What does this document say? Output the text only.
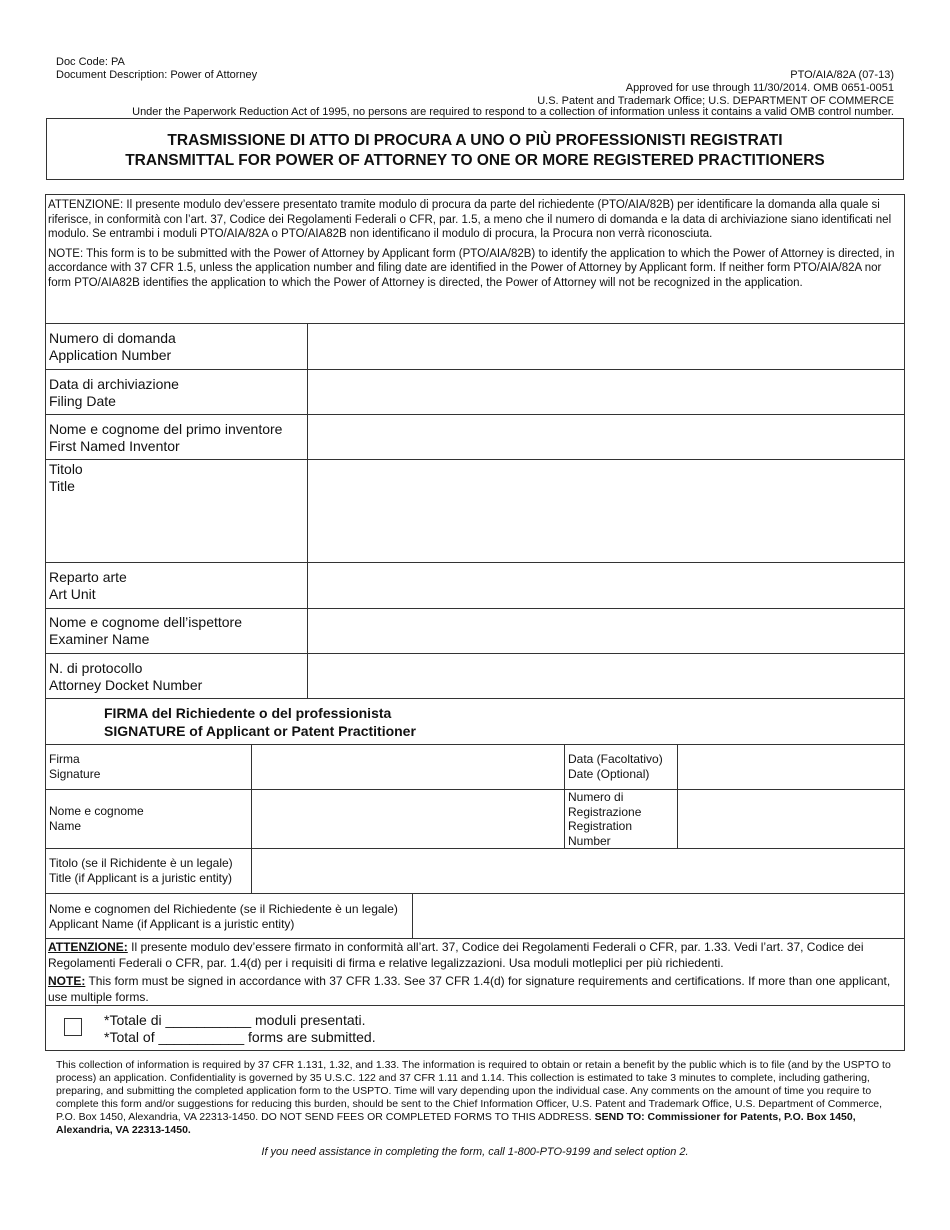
Doc Code: PA
Document Description: Power of Attorney	PTO/AIA/82A (07-13)
Approved for use through 11/30/2014. OMB 0651-0051
U.S. Patent and Trademark Office; U.S. DEPARTMENT OF COMMERCE
Under the Paperwork Reduction Act of 1995, no persons are required to respond to a collection of information unless it contains a valid OMB control number.
TRASMISSIONE DI ATTO DI PROCURA A UNO O PIÙ PROFESSIONISTI REGISTRATI
TRANSMITTAL FOR POWER OF ATTORNEY TO ONE OR MORE REGISTERED PRACTITIONERS

ATTENZIONE: Il presente modulo dev’essere presentato tramite modulo di procura da parte del richiedente (PTO/AIA/82B) per identificare la domanda alla quale si riferisce, in conformità con l’art. 37, Codice dei Regolamenti Federali o CFR, par. 1.5, a meno che il numero di domanda e la data di archiviazione siano identificati nel modulo. Se entrambi i moduli PTO/AIA/82A o PTO/AIA82B non identificano il modulo di procura, la Procura non verrà riconosciuta.

NOTE: This form is to be submitted with the Power of Attorney by Applicant form (PTO/AIA/82B) to identify the application to which the Power of Attorney is directed, in accordance with 37 CFR 1.5, unless the application number and filing date are identified in the Power of Attorney by Applicant form. If neither form PTO/AIA/82A nor form PTO/AIA82B identifies the application to which the Power of Attorney is directed, the Power of Attorney will not be recognized in the application.

Numero di domanda
Application Number
Data di archiviazione
Filing Date
Nome e cognome del primo inventore
First Named Inventor
Titolo
Title
Reparto arte
Art Unit
Nome e cognome dell’ispettore
Examiner Name
N. di protocollo
Attorney Docket Number
FIRMA del Richiedente o del professionista
SIGNATURE of Applicant or Patent Practitioner
Firma
Signature
Data (Facoltativo)
Date (Optional)
Nome e cognome
Name
Numero di
Registrazione
Registration
Number
Titolo (se il Richidente è un legale)
Title (if Applicant is a juristic entity)
Nome e cognomen del Richiedente (se il Richiedente è un legale)
Applicant Name (if Applicant is a juristic entity)

ATTENZIONE: Il presente modulo dev’essere firmato in conformità all’art. 37, Codice dei Regolamenti Federali o CFR, par. 1.33. Vedi l’art. 37, Codice dei Regolamenti Federali o CFR, par. 1.4(d) per i requisiti di firma e relative legalizzazioni. Usa moduli motleplici per più richiedenti.

NOTE: This form must be signed in accordance with 37 CFR 1.33. See 37 CFR 1.4(d) for signature requirements and certifications. If more than one applicant, use multiple forms.

*Totale di ___________ moduli presentati.
*Total of ___________ forms are submitted.
This collection of information is required by 37 CFR 1.131, 1.32, and 1.33. The information is required to obtain or retain a benefit by the public which is to file (and by the USPTO to process) an application. Confidentiality is governed by 35 U.S.C. 122 and 37 CFR 1.11 and 1.14. This collection is estimated to take 3 minutes to complete, including gathering, preparing, and submitting the completed application form to the USPTO. Time will vary depending upon the individual case. Any comments on the amount of time you require to complete this form and/or suggestions for reducing this burden, should be sent to the Chief Information Officer, U.S. Patent and Trademark Office, U.S. Department of Commerce, P.O. Box 1450, Alexandria, VA 22313-1450. DO NOT SEND FEES OR COMPLETED FORMS TO THIS ADDRESS. SEND TO: Commissioner for Patents, P.O. Box 1450, Alexandria, VA 22313-1450.
If you need assistance in completing the form, call 1-800-PTO-9199 and select option 2.
